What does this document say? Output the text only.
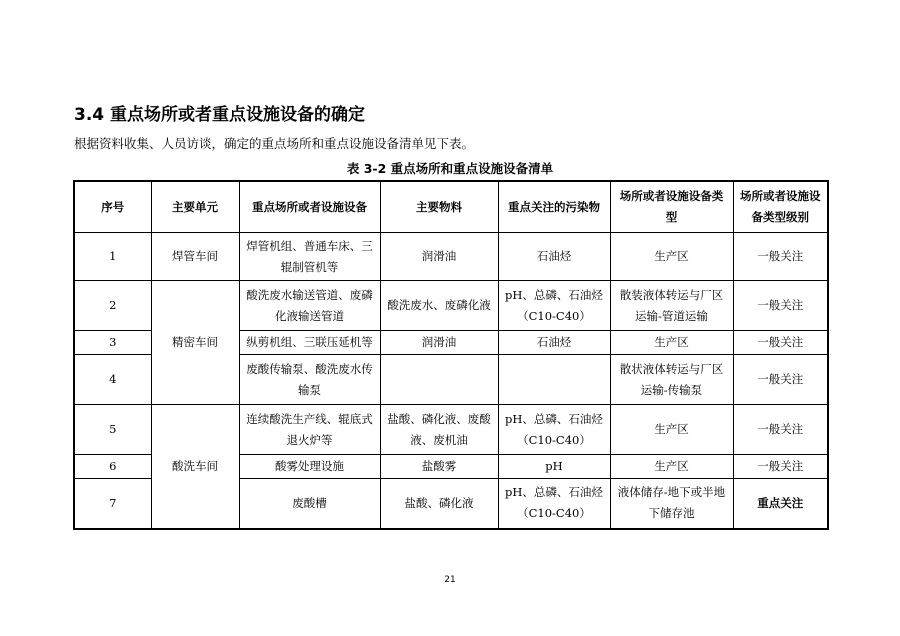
3.4 重点场所或者重点设施设备的确定
根据资料收集、人员访谈，确定的重点场所和重点设施设备清单见下表。
表 3-2 重点场所和重点设施设备清单
序号	主要单元	重点场所或者设施设备	主要物料	重点关注的污染物	场所或者设施设备类型	场所或者设施设备类型级别
1	焊管车间	焊管机组、普通车床、三辊制管机等	润滑油	石油烃	生产区	一般关注
2	精密车间	酸洗废水输送管道、废磷化液输送管道	酸洗废水、废磷化液	pH、总磷、石油烃（C10-C40）	散装液体转运与厂区运输-管道运输	一般关注
3		纵剪机组、三联压延机等	润滑油	石油烃	生产区	一般关注
4		废酸传输泵、酸洗废水传输泵			散状液体转运与厂区运输-传输泵	一般关注
5	酸洗车间	连续酸洗生产线、辊底式退火炉等	盐酸、磷化液、废酸液、废机油	pH、总磷、石油烃（C10-C40）	生产区	一般关注
6		酸雾处理设施	盐酸雾	pH	生产区	一般关注
7		废酸槽	盐酸、磷化液	pH、总磷、石油烃（C10-C40）	液体储存-地下或半地下储存池	重点关注
21
